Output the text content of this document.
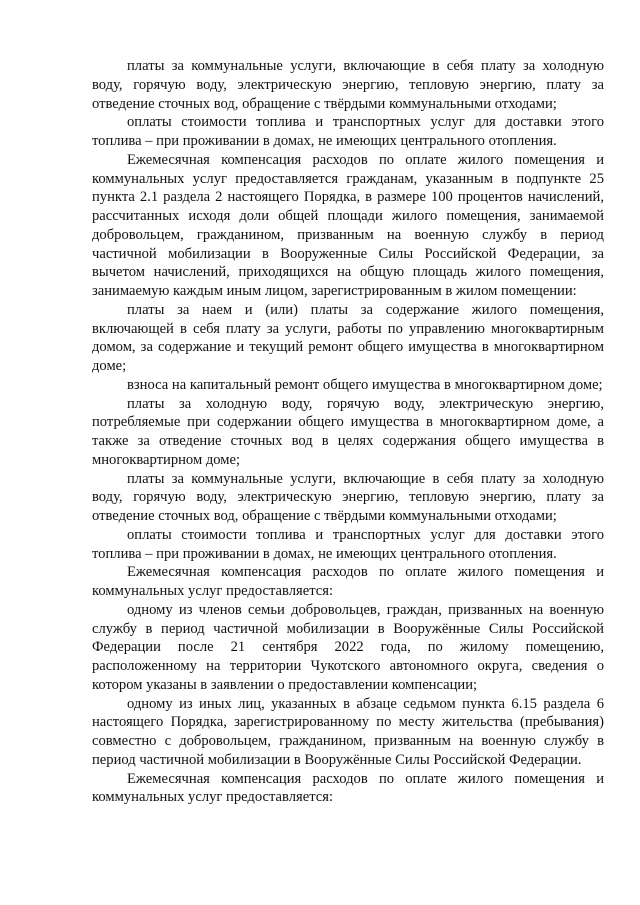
платы за коммунальные услуги, включающие в себя плату за холодную воду, горячую воду, электрическую энергию, тепловую энергию, плату за отведение сточных вод, обращение с твёрдыми коммунальными отходами;

оплаты стоимости топлива и транспортных услуг для доставки этого топлива – при проживании в домах, не имеющих центрального отопления.

Ежемесячная компенсация расходов по оплате жилого помещения и коммунальных услуг предоставляется гражданам, указанным в подпункте 25 пункта 2.1 раздела 2 настоящего Порядка, в размере 100 процентов начислений, рассчитанных исходя доли общей площади жилого помещения, занимаемой добровольцем, гражданином, призванным на военную службу в период частичной мобилизации в Вооруженные Силы Российской Федерации, за вычетом начислений, приходящихся на общую площадь жилого помещения, занимаемую каждым иным лицом, зарегистрированным в жилом помещении:

платы за наем и (или) платы за содержание жилого помещения, включающей в себя плату за услуги, работы по управлению многоквартирным домом, за содержание и текущий ремонт общего имущества в многоквартирном доме;

взноса на капитальный ремонт общего имущества в многоквартирном доме;

платы за холодную воду, горячую воду, электрическую энергию, потребляемые при содержании общего имущества в многоквартирном доме, а также за отведение сточных вод в целях содержания общего имущества в многоквартирном доме;

платы за коммунальные услуги, включающие в себя плату за холодную воду, горячую воду, электрическую энергию, тепловую энергию, плату за отведение сточных вод, обращение с твёрдыми коммунальными отходами;

оплаты стоимости топлива и транспортных услуг для доставки этого топлива – при проживании в домах, не имеющих центрального отопления.

Ежемесячная компенсация расходов по оплате жилого помещения и коммунальных услуг предоставляется:

одному из членов семьи добровольцев, граждан, призванных на военную службу в период частичной мобилизации в Вооружённые Силы Российской Федерации после 21 сентября 2022 года, по жилому помещению, расположенному на территории Чукотского автономного округа, сведения о котором указаны в заявлении о предоставлении компенсации;

одному из иных лиц, указанных в абзаце седьмом пункта 6.15 раздела 6 настоящего Порядка, зарегистрированному по месту жительства (пребывания) совместно с добровольцем, гражданином, призванным на военную службу в период частичной мобилизации в Вооружённые Силы Российской Федерации.

Ежемесячная компенсация расходов по оплате жилого помещения и коммунальных услуг предоставляется:
